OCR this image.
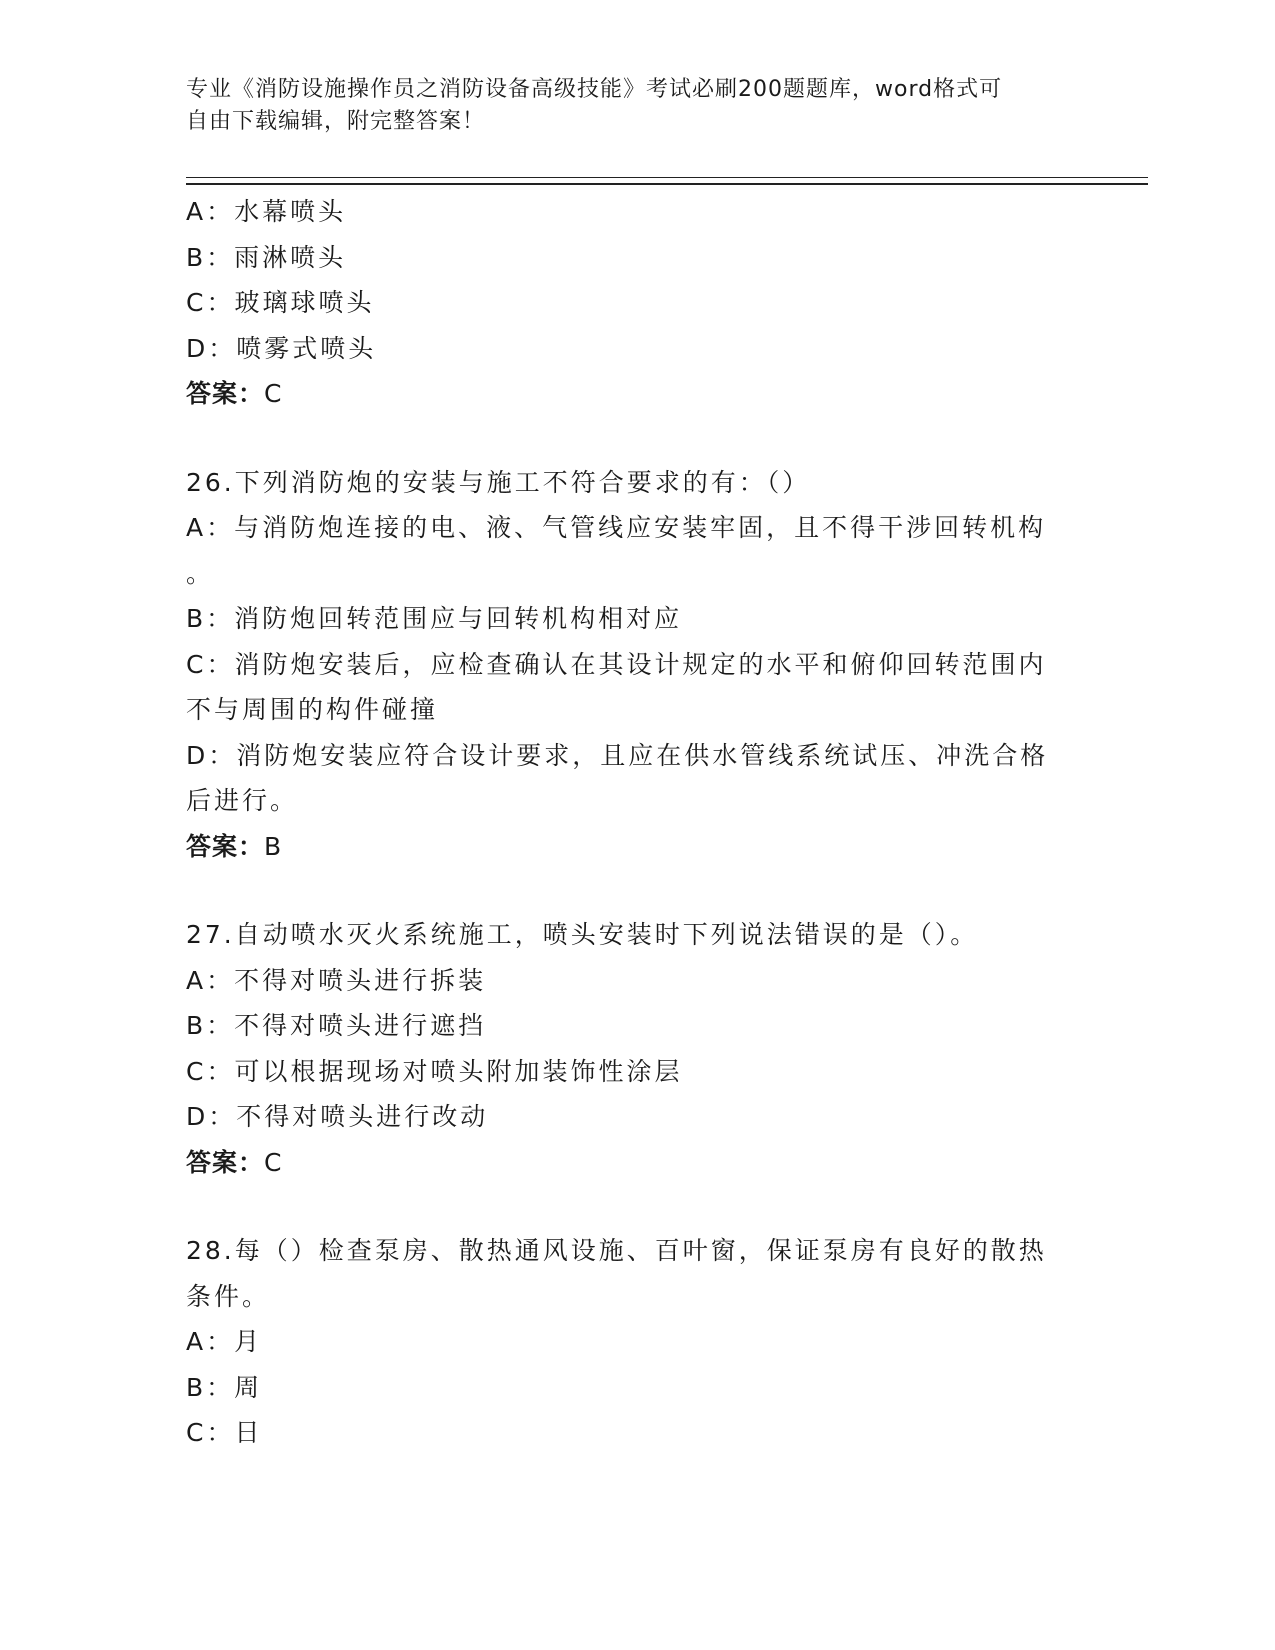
专业《消防设施操作员之消防设备高级技能》考试必刷200题题库，word格式可
自由下载编辑，附完整答案！
A：水幕喷头
B：雨淋喷头
C：玻璃球喷头
D：喷雾式喷头
答案：C
26.下列消防炮的安装与施工不符合要求的有：（）
A：与消防炮连接的电、液、气管线应安装牢固，且不得干涉回转机构
。
B：消防炮回转范围应与回转机构相对应
C：消防炮安装后，应检查确认在其设计规定的水平和俯仰回转范围内
不与周围的构件碰撞
D：消防炮安装应符合设计要求，且应在供水管线系统试压、冲洗合格
后进行。
答案：B
27.自动喷水灭火系统施工，喷头安装时下列说法错误的是（）。
A：不得对喷头进行拆装
B：不得对喷头进行遮挡
C：可以根据现场对喷头附加装饰性涂层
D：不得对喷头进行改动
答案：C
28.每（）检查泵房、散热通风设施、百叶窗，保证泵房有良好的散热
条件。
A：月
B：周
C：日
